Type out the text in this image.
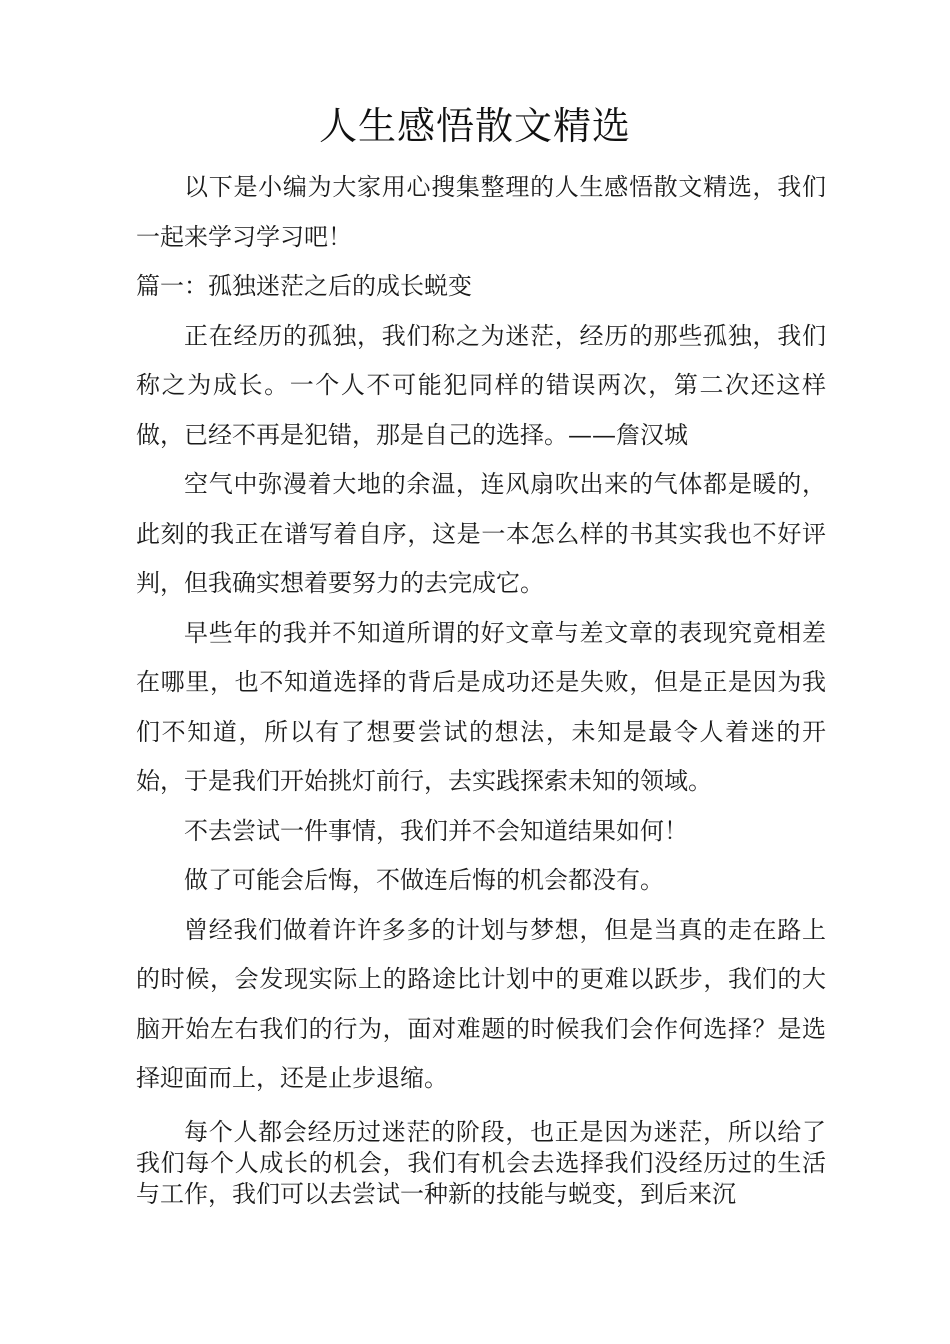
人生感悟散文精选

以下是小编为大家用心搜集整理的人生感悟散文精选，我们一起来学习学习吧！

篇一：孤独迷茫之后的成长蜕变

正在经历的孤独，我们称之为迷茫，经历的那些孤独，我们称之为成长。一个人不可能犯同样的错误两次，第二次还这样做，已经不再是犯错，那是自己的选择。——詹汉城

空气中弥漫着大地的余温，连风扇吹出来的气体都是暖的，此刻的我正在谱写着自序，这是一本怎么样的书其实我也不好评判，但我确实想着要努力的去完成它。

早些年的我并不知道所谓的好文章与差文章的表现究竟相差在哪里，也不知道选择的背后是成功还是失败，但是正是因为我们不知道，所以有了想要尝试的想法，未知是最令人着迷的开始，于是我们开始挑灯前行，去实践探索未知的领域。

不去尝试一件事情，我们并不会知道结果如何！

做了可能会后悔，不做连后悔的机会都没有。

曾经我们做着许许多多的计划与梦想，但是当真的走在路上的时候，会发现实际上的路途比计划中的更难以跃步，我们的大脑开始左右我们的行为，面对难题的时候我们会作何选择？是选择迎面而上，还是止步退缩。

每个人都会经历过迷茫的阶段，也正是因为迷茫，所以给了我们每个人成长的机会，我们有机会去选择我们没经历过的生活与工作，我们可以去尝试一种新的技能与蜕变，到后来沉
